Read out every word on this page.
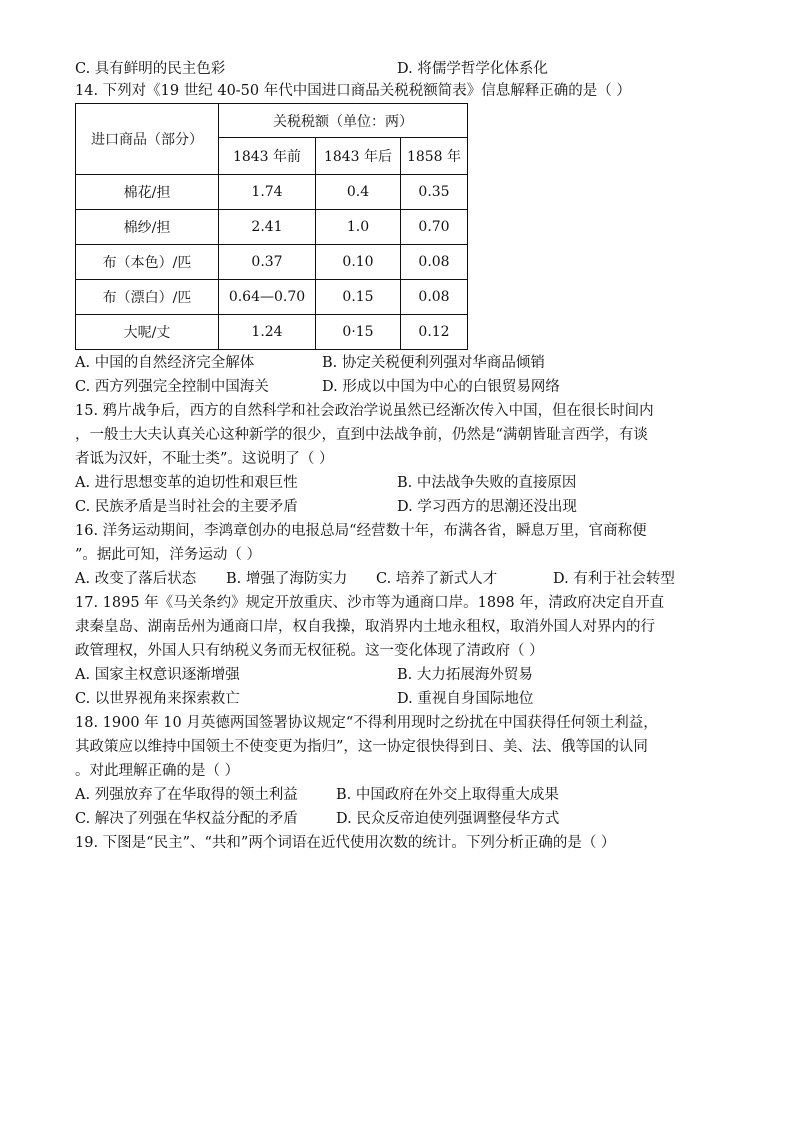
C. 具有鲜明的民主色彩	D. 将儒学哲学化体系化
14. 下列对《19 世纪 40-50 年代中国进口商品关税税额简表》信息解释正确的是（ ）
进口商品（部分）	关税税额（单位：两）		
	1843 年前	1843 年后	1858 年
棉花/担	1.74	0.4	0.35
棉纱/担	2.41	1.0	0.70
布（本色）/匹	0.37	0.10	0.08
布（漂白）/匹	0.64—0.70	0.15	0.08
大呢/丈	1.24	0·15	0.12
A. 中国的自然经济完全解体	B. 协定关税便利列强对华商品倾销
C. 西方列强完全控制中国海关	D. 形成以中国为中心的白银贸易网络
15. 鸦片战争后，西方的自然科学和社会政治学说虽然已经渐次传入中国，但在很长时间内
，一般士大夫认真关心这种新学的很少，直到中法战争前，仍然是“满朝皆耻言西学，有谈
者诋为汉奸，不耻士类”。这说明了（ ）
A. 进行思想变革的迫切性和艰巨性	B. 中法战争失败的直接原因
C. 民族矛盾是当时社会的主要矛盾	D. 学习西方的思潮还没出现
16. 洋务运动期间，李鸿章创办的电报总局“经营数十年，布满各省，瞬息万里，官商称便
”。据此可知，洋务运动（ ）
A. 改变了落后状态 B. 增强了海防实力 C. 培养了新式人才	D. 有利于社会转型
17. 1895 年《马关条约》规定开放重庆、沙市等为通商口岸。1898 年，清政府决定自开直
隶秦皇岛、湖南岳州为通商口岸，权自我操，取消界内土地永租权，取消外国人对界内的行
政管理权，外国人只有纳税义务而无权征税。这一变化体现了清政府（ ）
A. 国家主权意识逐渐增强	B. 大力拓展海外贸易
C. 以世界视角来探索救亡	D. 重视自身国际地位
18. 1900 年 10 月英德两国签署协议规定“不得利用现时之纷扰在中国获得任何领土利益，
其政策应以维持中国领土不使变更为指归”，这一协定很快得到日、美、法、俄等国的认同
。对此理解正确的是（ ）
A. 列强放弃了在华取得的领土利益	B. 中国政府在外交上取得重大成果
C. 解决了列强在华权益分配的矛盾	D. 民众反帝迫使列强调整侵华方式
19. 下图是“民主”、“共和”两个词语在近代使用次数的统计。下列分析正确的是（ ）
